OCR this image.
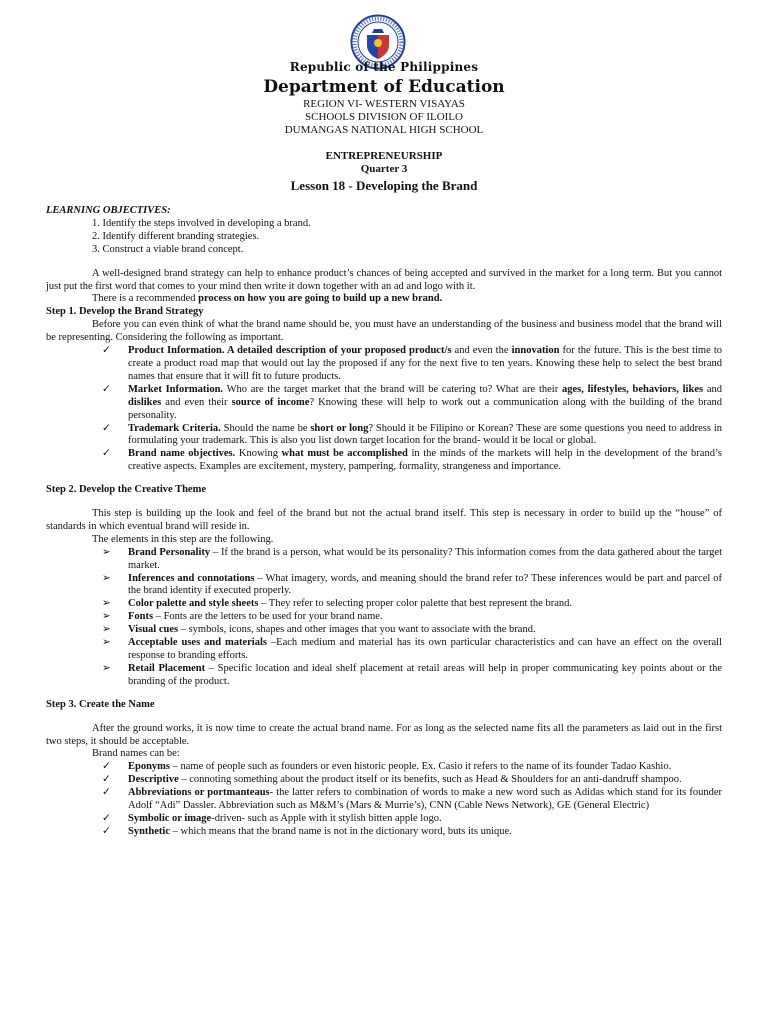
Republic of the Philippines
Department of Education
REGION VI- WESTERN VISAYAS
SCHOOLS DIVISION OF ILOILO
DUMANGAS NATIONAL HIGH SCHOOL
ENTREPRENEURSHIP
Quarter 3
Lesson 18 - Developing the Brand

LEARNING OBJECTIVES:

1. Identify the steps involved in developing a brand.

2. Identify different branding strategies.

3. Construct a viable brand concept.

A well-designed brand strategy can help to enhance product’s chances of being accepted and survived in the market for a long term. But you cannot just put the first word that comes to your mind then write it down together with an ad and logo with it.

There is a recommended process on how you are going to build up a new brand.

Step 1. Develop the Brand Strategy

Before you can even think of what the brand name should be, you must have an understanding of the business and business model that the brand will be representing. Considering the following as important.

✓ Product Information. A detailed description of your proposed product/s and even the innovation for the future. This is the best time to create a product road map that would out lay the proposed if any for the next five to ten years. Knowing these help to select the best brand names that ensure that it will fit to future products.
✓ Market Information. Who are the target market that the brand will be catering to? What are their ages, lifestyles, behaviors, likes and dislikes and even their source of income? Knowing these will help to work out a communication along with the building of the brand personality.
✓ Trademark Criteria. Should the name be short or long? Should it be Filipino or Korean? These are some questions you need to address in formulating your trademark. This is also you list down target location for the brand- would it be local or global.
✓ Brand name objectives. Knowing what must be accomplished in the minds of the markets will help in the development of the brand’s creative aspects. Examples are excitement, mystery, pampering, formality, strangeness and importance.

Step 2. Develop the Creative Theme

This step is building up the look and feel of the brand but not the actual brand itself. This step is necessary in order to build up the “house” of standards in which eventual brand will reside in.

The elements in this step are the following.

➢ Brand Personality – If the brand is a person, what would be its personality? This information comes from the data gathered about the target market.
➢ Inferences and connotations – What imagery, words, and meaning should the brand refer to? These inferences would be part and parcel of the brand identity if executed properly.
➢ Color palette and style sheets – They refer to selecting proper color palette that best represent the brand.
➢ Fonts – Fonts are the letters to be used for your brand name.
➢ Visual cues – symbols, icons, shapes and other images that you want to associate with the brand.
➢ Acceptable uses and materials –Each medium and material has its own particular characteristics and can have an effect on the overall response to branding efforts.
➢ Retail Placement – Specific location and ideal shelf placement at retail areas will help in proper communicating key points about or the branding of the product.

Step 3. Create the Name

After the ground works, it is now time to create the actual brand name. For as long as the selected name fits all the parameters as laid out in the first two steps, it should be acceptable.

Brand names can be:

✓ Eponyms – name of people such as founders or even historic people. Ex. Casio it refers to the name of its founder Tadao Kashio.
✓ Descriptive – connoting something about the product itself or its benefits, such as Head & Shoulders for an anti-dandruff shampoo.
✓ Abbreviations or portmanteaus- the latter refers to combination of words to make a new word such as Adidas which stand for its founder Adolf “Adi” Dassler. Abbreviation such as M&M’s (Mars & Murrie’s), CNN (Cable News Network), GE (General Electric)
✓ Symbolic or image-driven- such as Apple with it stylish bitten apple logo.
✓ Synthetic – which means that the brand name is not in the dictionary word, buts its unique.
